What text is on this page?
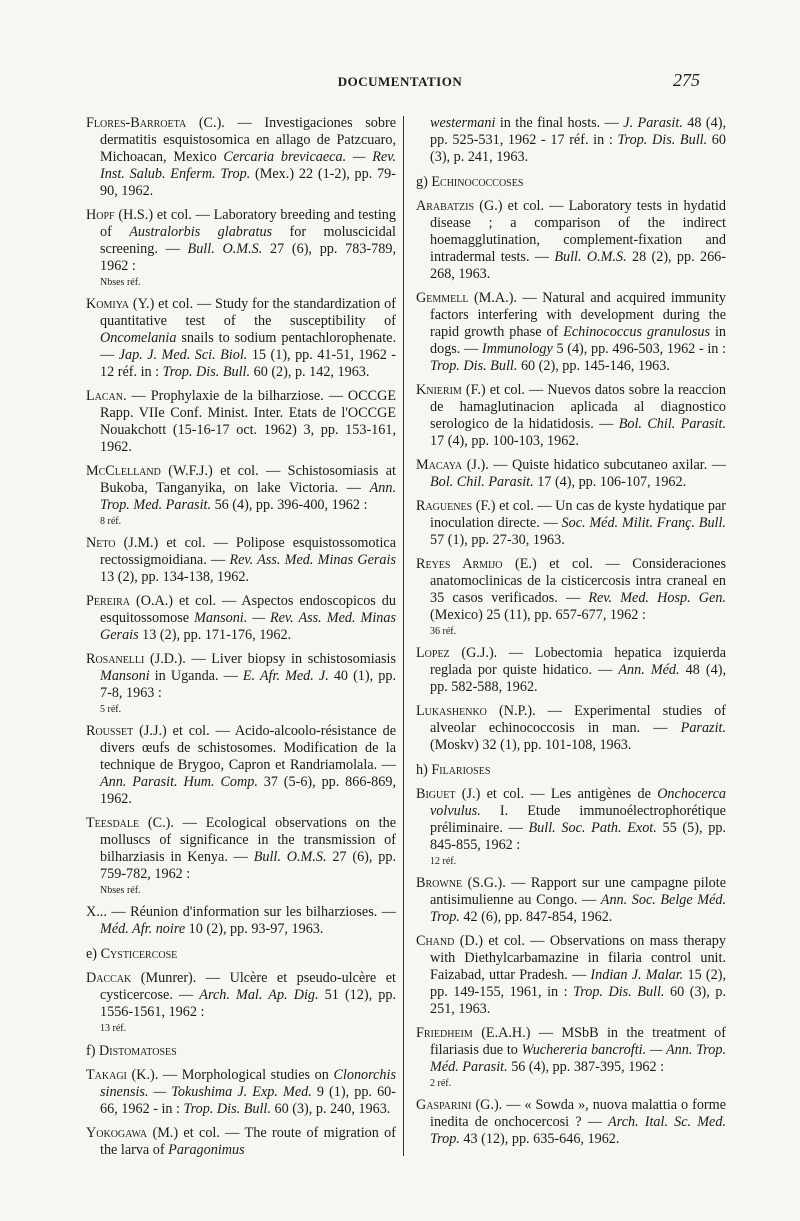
DOCUMENTATION	275

Flores-Barroeta (C.). — Investigaciones sobre dermatitis esquistosomica en allago de Patzcuaro, Michoacan, Mexico Cercaria brevicaeca. — Rev. Inst. Salub. Enferm. Trop. (Mex.) 22 (1-2), pp. 79-90, 1962.

Hopf (H.S.) et col. — Laboratory breeding and testing of Australorbis glabratus for moluscicidal screening. — Bull. O.M.S. 27 (6), pp. 783-789, 1962 :

Nbses réf.

Komiya (Y.) et col. — Study for the standardization of quantitative test of the susceptibility of Oncomelania snails to sodium pentachlorophenate. — Jap. J. Med. Sci. Biol. 15 (1), pp. 41-51, 1962 - 12 réf. in : Trop. Dis. Bull. 60 (2), p. 142, 1963.

Lacan. — Prophylaxie de la bilharziose. — OCCGE Rapp. VIIe Conf. Minist. Inter. Etats de l'OCCGE Nouakchott (15-16-17 oct. 1962) 3, pp. 153-161, 1962.

McClelland (W.F.J.) et col. — Schistosomiasis at Bukoba, Tanganyika, on lake Victoria. — Ann. Trop. Med. Parasit. 56 (4), pp. 396-400, 1962 :

8 réf.

Neto (J.M.) et col. — Polipose esquistossomotica rectossigmoidiana. — Rev. Ass. Med. Minas Gerais 13 (2), pp. 134-138, 1962.

Pereira (O.A.) et col. — Aspectos endoscopicos du esquitossomose Mansoni. — Rev. Ass. Med. Minas Gerais 13 (2), pp. 171-176, 1962.

Rosanelli (J.D.). — Liver biopsy in schistosomiasis Mansoni in Uganda. — E. Afr. Med. J. 40 (1), pp. 7-8, 1963 :

5 réf.

Rousset (J.J.) et col. — Acido-alcoolo-résistance de divers œufs de schistosomes. Modification de la technique de Brygoo, Capron et Randriamolala. — Ann. Parasit. Hum. Comp. 37 (5-6), pp. 866-869, 1962.

Teesdale (C.). — Ecological observations on the molluscs of significance in the transmission of bilharziasis in Kenya. — Bull. O.M.S. 27 (6), pp. 759-782, 1962 :

Nbses réf.

X... — Réunion d'information sur les bilharzioses. — Méd. Afr. noire 10 (2), pp. 93-97, 1963.

e) Cysticercose

Daccak (Munrer). — Ulcère et pseudo-ulcère et cysticercose. — Arch. Mal. Ap. Dig. 51 (12), pp. 1556-1561, 1962 :

13 réf.
f) Distomatoses

Takagi (K.). — Morphological studies on Clonorchis sinensis. — Tokushima J. Exp. Med. 9 (1), pp. 60-66, 1962 - in : Trop. Dis. Bull. 60 (3), p. 240, 1963.

Yokogawa (M.) et col. — The route of migration of the larva of Paragonimus

westermani in the final hosts. — J. Parasit. 48 (4), pp. 525-531, 1962 - 17 réf. in : Trop. Dis. Bull. 60 (3), p. 241, 1963.

g) Echinococcoses

Arabatzis (G.) et col. — Laboratory tests in hydatid disease ; a comparison of the indirect hoemagglutination, complement-fixation and intradermal tests. — Bull. O.M.S. 28 (2), pp. 266-268, 1963.

Gemmell (M.A.). — Natural and acquired immunity factors interfering with development during the rapid growth phase of Echinococcus granulosus in dogs. — Immunology 5 (4), pp. 496-503, 1962 - in : Trop. Dis. Bull. 60 (2), pp. 145-146, 1963.

Knierim (F.) et col. — Nuevos datos sobre la reaccion de hamaglutinacion aplicada al diagnostico serologico de la hidatidosis. — Bol. Chil. Parasit. 17 (4), pp. 100-103, 1962.

Macaya (J.). — Quiste hidatico subcutaneo axilar. — Bol. Chil. Parasit. 17 (4), pp. 106-107, 1962.

Raguenes (F.) et col. — Un cas de kyste hydatique par inoculation directe. — Soc. Méd. Milit. Franç. Bull. 57 (1), pp. 27-30, 1963.

Reyes Armijo (E.) et col. — Consideraciones anatomoclinicas de la cisticercosis intra craneal en 35 casos verificados. — Rev. Med. Hosp. Gen. (Mexico) 25 (11), pp. 657-677, 1962 :

36 réf.

Lopez (G.J.). — Lobectomia hepatica izquierda reglada por quiste hidatico. — Ann. Méd. 48 (4), pp. 582-588, 1962.

Lukashenko (N.P.). — Experimental studies of alveolar echinococcosis in man. — Parazit. (Moskv) 32 (1), pp. 101-108, 1963.

h) Filarioses

Biguet (J.) et col. — Les antigènes de Onchocerca volvulus. I. Etude immunoélectrophorétique préliminaire. — Bull. Soc. Path. Exot. 55 (5), pp. 845-855, 1962 :

12 réf.

Browne (S.G.). — Rapport sur une campagne pilote antisimulienne au Congo. — Ann. Soc. Belge Méd. Trop. 42 (6), pp. 847-854, 1962.

Chand (D.) et col. — Observations on mass therapy with Diethylcarbamazine in filaria control unit. Faizabad, uttar Pradesh. — Indian J. Malar. 15 (2), pp. 149-155, 1961, in : Trop. Dis. Bull. 60 (3), p. 251, 1963.

Friedheim (E.A.H.) — MSbB in the treatment of filariasis due to Wuchereria bancrofti. — Ann. Trop. Méd. Parasit. 56 (4), pp. 387-395, 1962 :

2 réf.

Gasparini (G.). — « Sowda », nuova malattia o forme inedita de onchocercosi ? — Arch. Ital. Sc. Med. Trop. 43 (12), pp. 635-646, 1962.
